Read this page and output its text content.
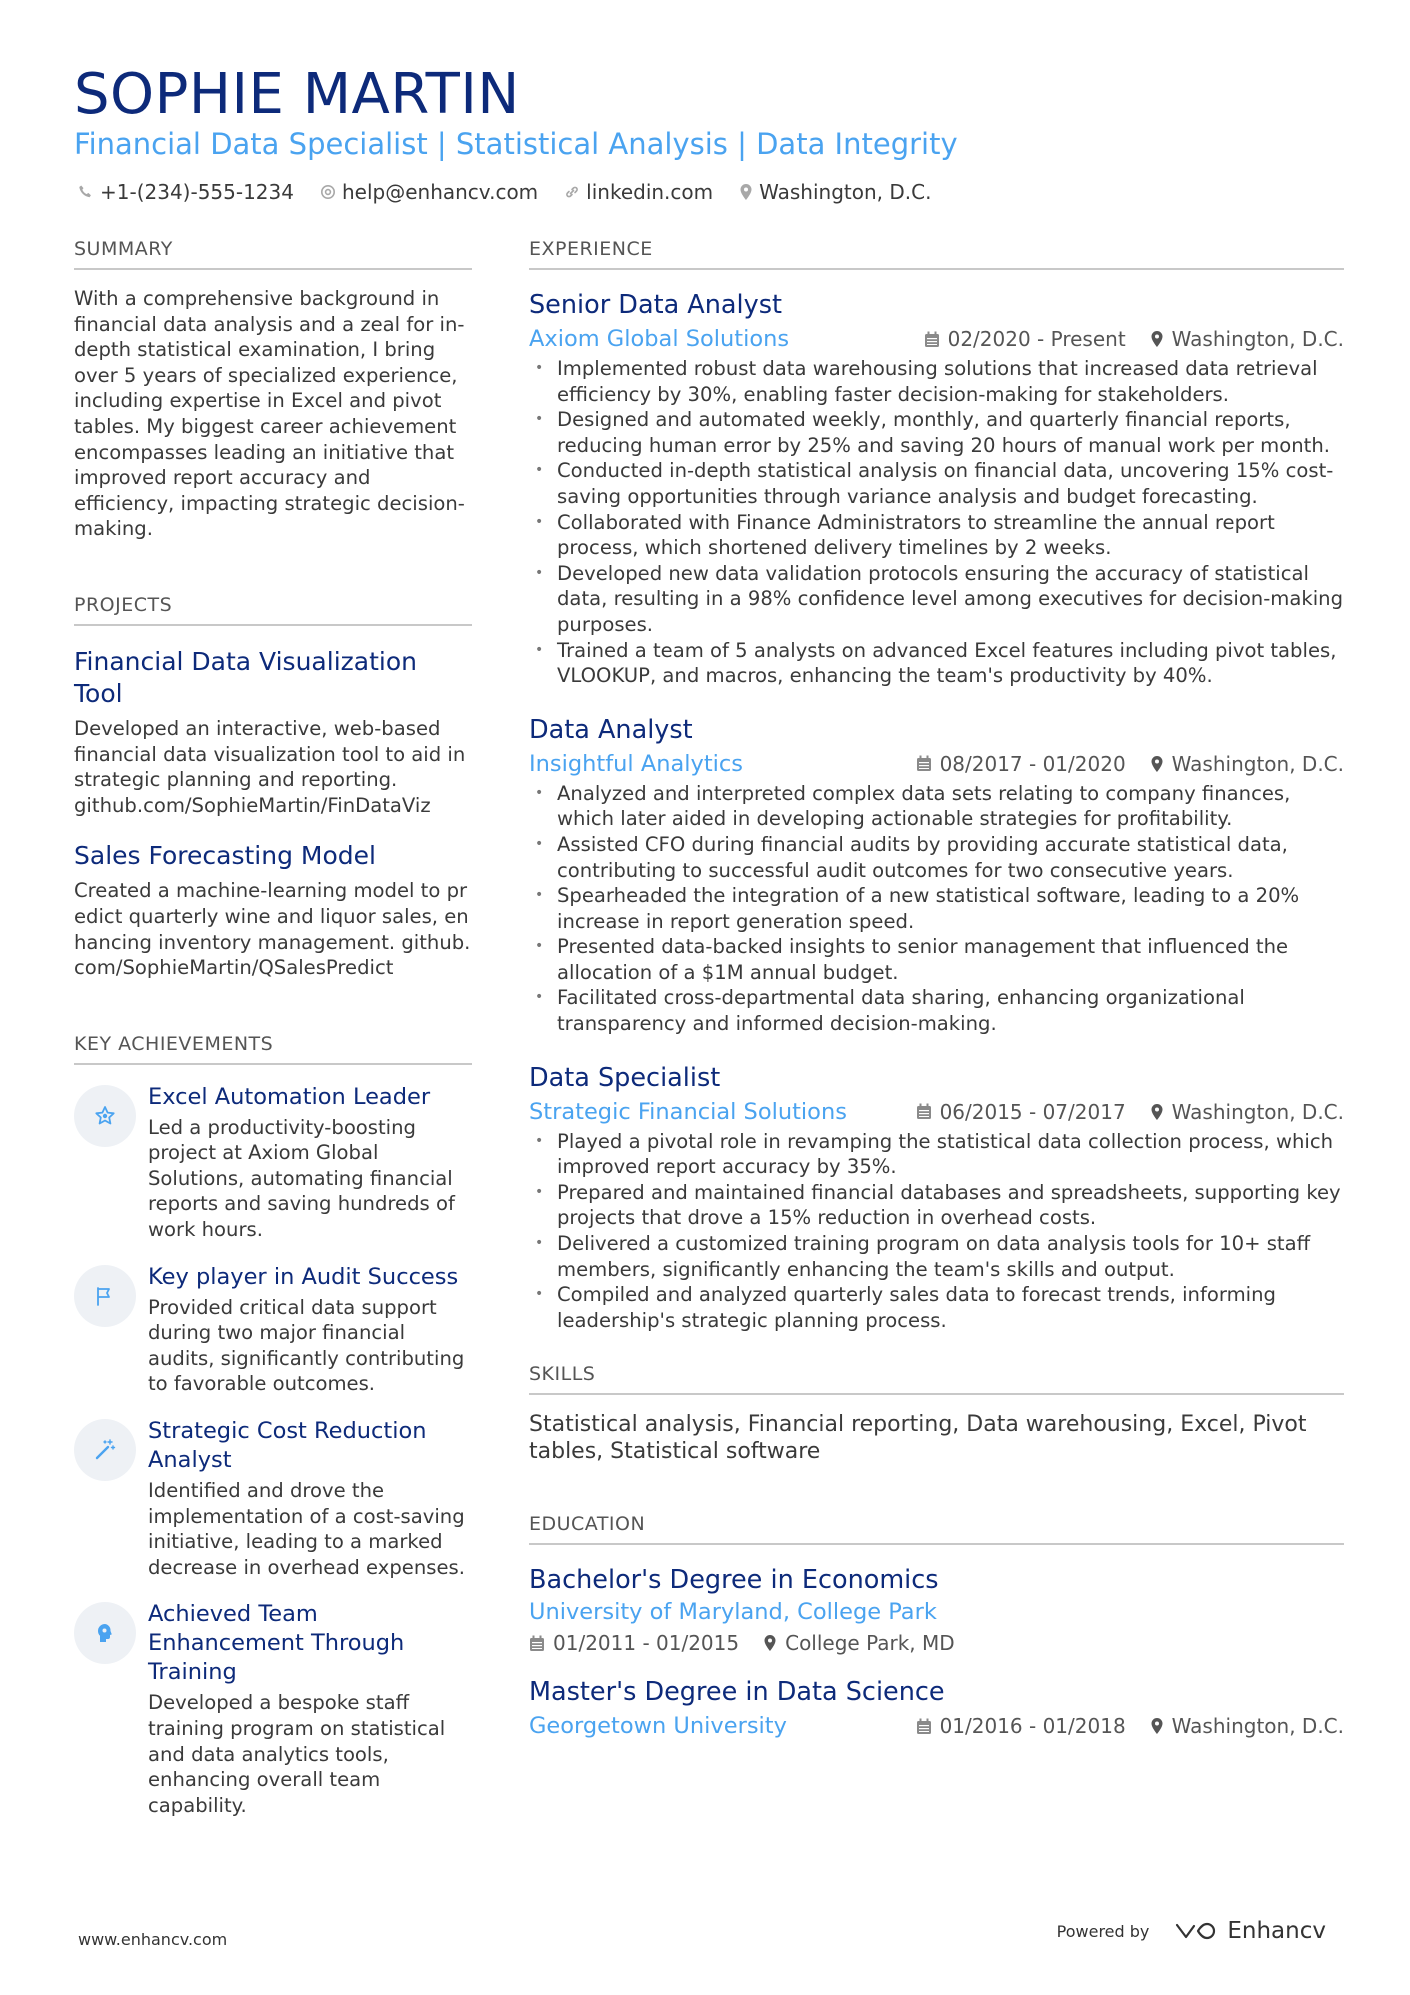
SOPHIE MARTIN
Financial Data Specialist | Statistical Analysis | Data Integrity
+1-(234)-555-1234 help@enhancv.com linkedin.com Washington, D.C.
SUMMARY

With a comprehensive background in financial data analysis and a zeal for in-depth statistical examination, I bring over 5 years of specialized experience, including expertise in Excel and pivot tables. My biggest career achievement encompasses leading an initiative that improved report accuracy and efficiency, impacting strategic decision-making.

PROJECTS
Financial Data Visualization Tool

Developed an interactive, web-based financial data visualization tool to aid in strategic planning and reporting. github.com/SophieMartin/FinDataViz

Sales Forecasting Model

Created a machine-learning model to predict quarterly wine and liquor sales, enhancing inventory management. github.com/SophieMartin/QSalesPredict

KEY ACHIEVEMENTS
Excel Automation Leader

Led a productivity-boosting project at Axiom Global Solutions, automating financial reports and saving hundreds of work hours.

Key player in Audit Success

Provided critical data support during two major financial audits, significantly contributing to favorable outcomes.

Strategic Cost Reduction Analyst

Identified and drove the implementation of a cost-saving initiative, leading to a marked decrease in overhead expenses.

Achieved Team Enhancement Through Training

Developed a bespoke staff training program on statistical and data analytics tools, enhancing overall team capability.

EXPERIENCE
Senior Data Analyst
Axiom Global Solutions	02/2020 - Present Washington, D.C.
• Implemented robust data warehousing solutions that increased data retrieval efficiency by 30%, enabling faster decision-making for stakeholders.
• Designed and automated weekly, monthly, and quarterly financial reports, reducing human error by 25% and saving 20 hours of manual work per month.
• Conducted in-depth statistical analysis on financial data, uncovering 15% cost-saving opportunities through variance analysis and budget forecasting.
• Collaborated with Finance Administrators to streamline the annual report process, which shortened delivery timelines by 2 weeks.
• Developed new data validation protocols ensuring the accuracy of statistical data, resulting in a 98% confidence level among executives for decision-making purposes.
• Trained a team of 5 analysts on advanced Excel features including pivot tables, VLOOKUP, and macros, enhancing the team's productivity by 40%.
Data Analyst
Insightful Analytics	08/2017 - 01/2020 Washington, D.C.
• Analyzed and interpreted complex data sets relating to company finances, which later aided in developing actionable strategies for profitability.
• Assisted CFO during financial audits by providing accurate statistical data, contributing to successful audit outcomes for two consecutive years.
• Spearheaded the integration of a new statistical software, leading to a 20% increase in report generation speed.
• Presented data-backed insights to senior management that influenced the allocation of a $1M annual budget.
• Facilitated cross-departmental data sharing, enhancing organizational transparency and informed decision-making.
Data Specialist
Strategic Financial Solutions	06/2015 - 07/2017 Washington, D.C.
• Played a pivotal role in revamping the statistical data collection process, which improved report accuracy by 35%.
• Prepared and maintained financial databases and spreadsheets, supporting key projects that drove a 15% reduction in overhead costs.
• Delivered a customized training program on data analysis tools for 10+ staff members, significantly enhancing the team's skills and output.
• Compiled and analyzed quarterly sales data to forecast trends, informing leadership's strategic planning process.
SKILLS

Statistical analysis, Financial reporting, Data warehousing, Excel, Pivot tables, Statistical software

EDUCATION
Bachelor's Degree in Economics
University of Maryland, College Park
01/2011 - 01/2015 College Park, MD
Master's Degree in Data Science
Georgetown University	01/2016 - 01/2018 Washington, D.C.
www.enhancv.com	Powered by	Enhancv
